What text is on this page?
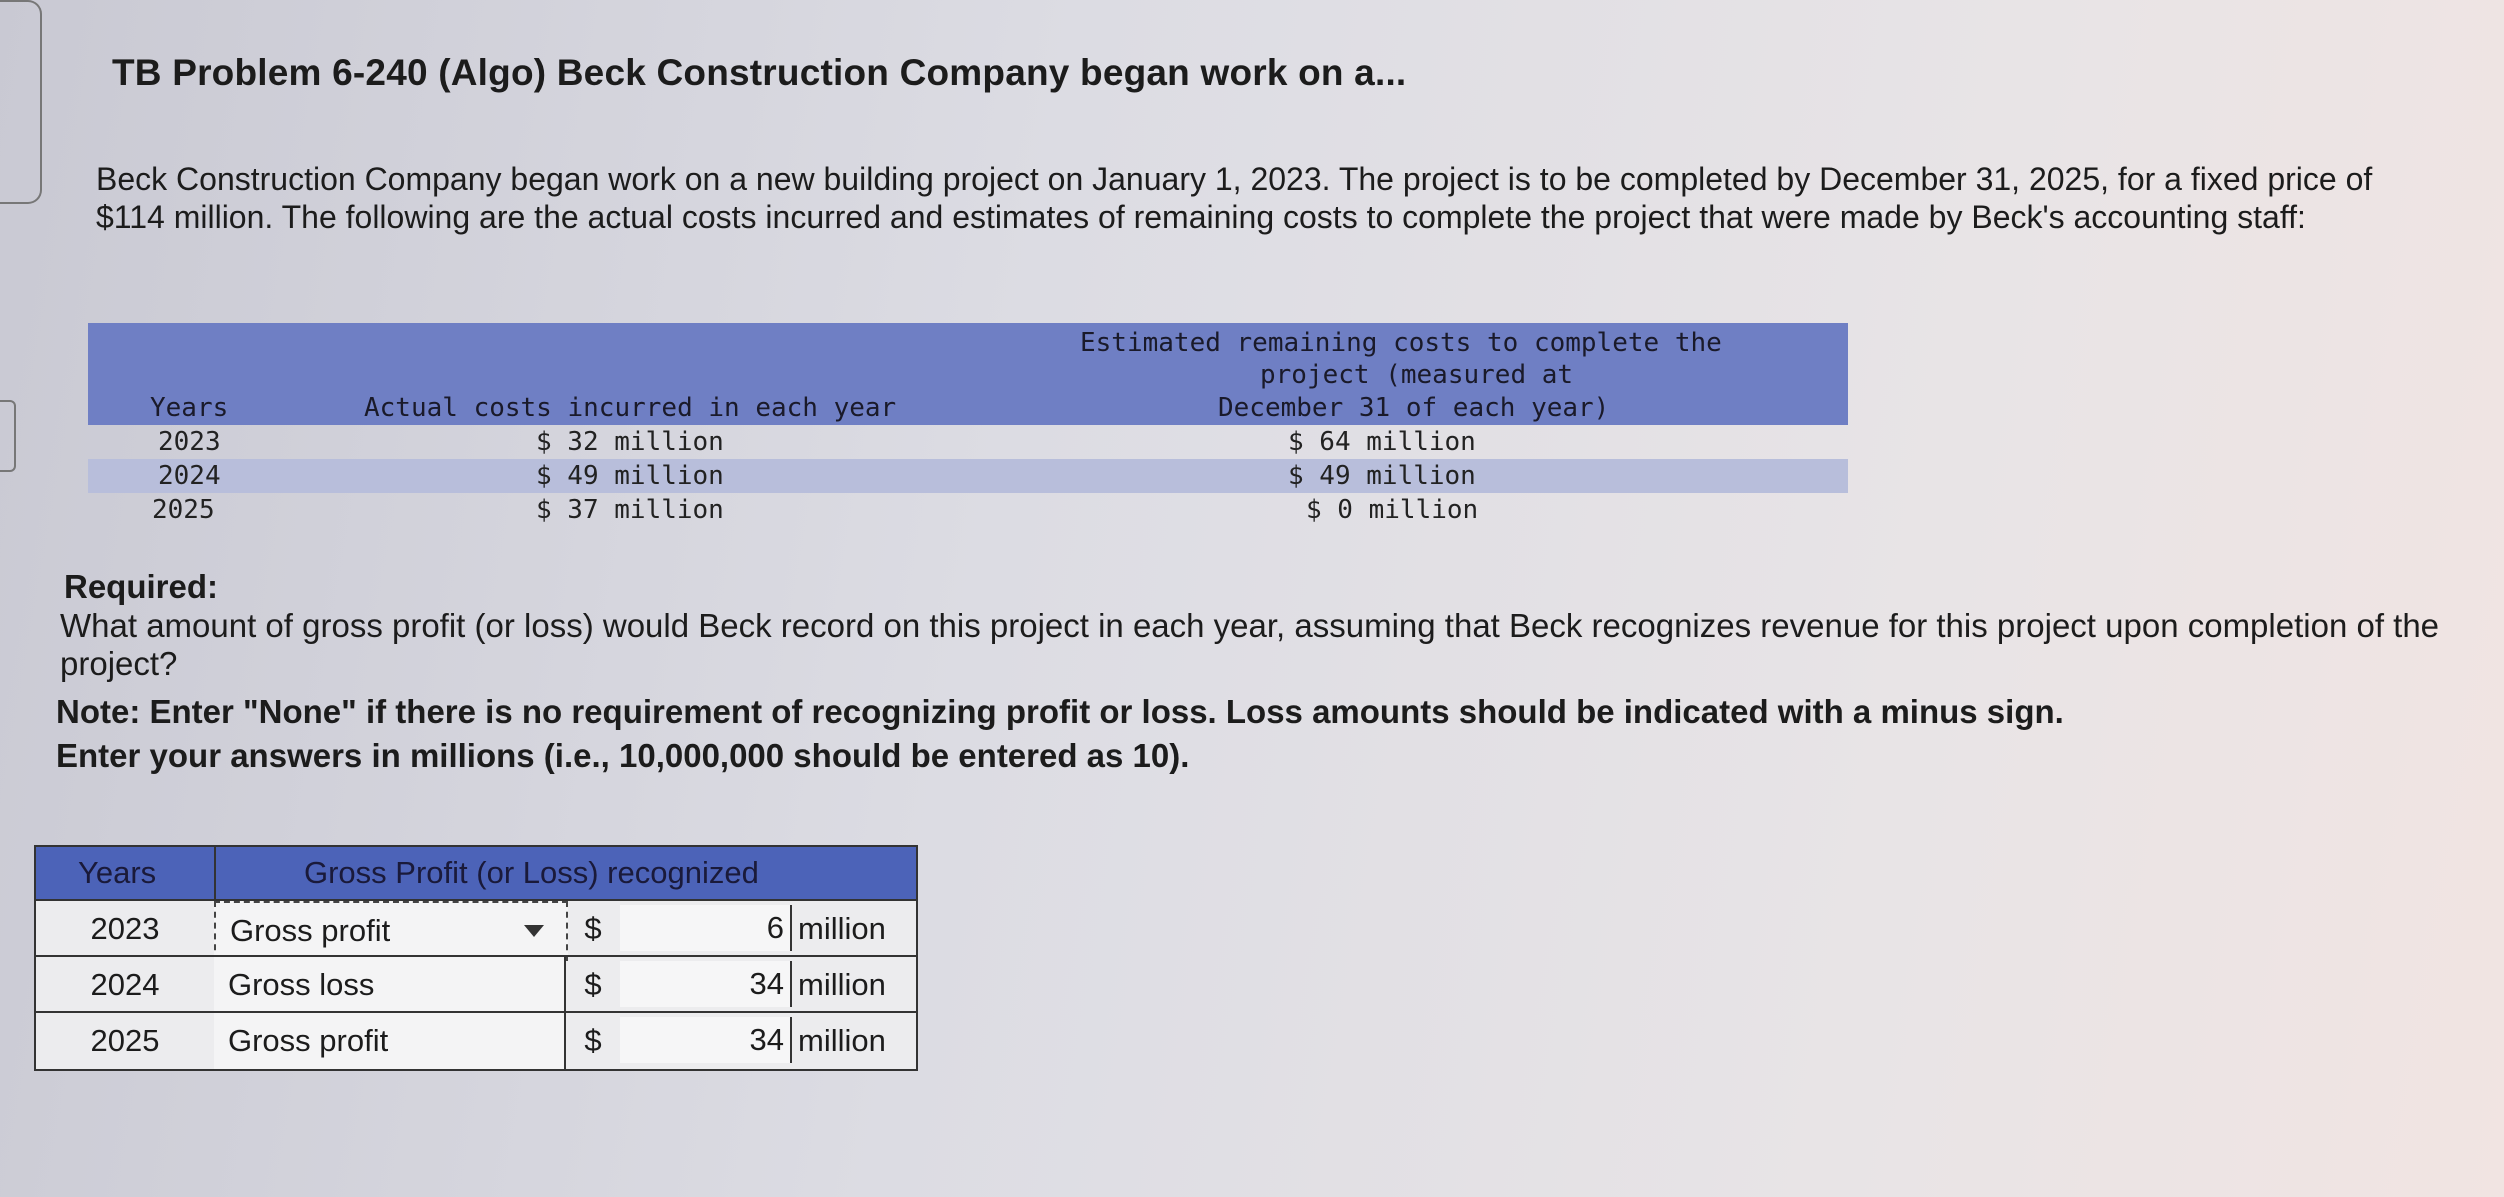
TB Problem 6-240 (Algo) Beck Construction Company began work on a...
Beck Construction Company began work on a new building project on January 1, 2023. The project is to be completed by December 31, 2025, for a fixed price of $114 million. The following are the actual costs incurred and estimates of remaining costs to complete the project that were made by Beck's accounting staff:
Years	Actual costs incurred in each year
Estimated remaining costs to complete the
project (measured at
December 31 of each year)
2023	$ 32 million	$ 64 million
2024	$ 49 million	$ 49 million
2025	$ 37 million	$ 0 million
Required:
What amount of gross profit (or loss) would Beck record on this project in each year, assuming that Beck recognizes revenue for this project upon completion of the project?
Note: Enter "None" if there is no requirement of recognizing profit or loss. Loss amounts should be indicated with a minus sign.
Enter your answers in millions (i.e., 10,000,000 should be entered as 10).
Years	Gross Profit (or Loss) recognized
2023	Gross profit	$	6 million
2024	Gross loss	$	34 million
2025	Gross profit	$	34 million
